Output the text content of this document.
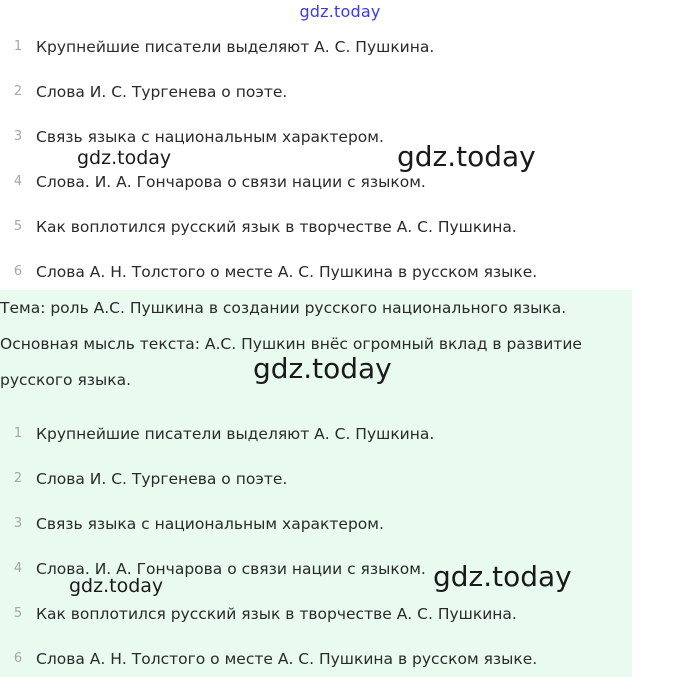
gdz.today
1 Крупнейшие писатели выделяют А. С. Пушкина.
2 Слова И. С. Тургенева о поэте.
3 Связь языка с национальным характером.
4 Слова. И. А. Гончарова о связи нации с языком.
5 Как воплотился русский язык в творчестве А. С. Пушкина.
6 Слова А. Н. Толстого о месте А. С. Пушкина в русском языке.
Тема: роль А.С. Пушкина в создании русского национального языка.
Основная мысль текста: А.С. Пушкин внёс огромный вклад в развитие
русского языка.
1 Крупнейшие писатели выделяют А. С. Пушкина.
2 Слова И. С. Тургенева о поэте.
3 Связь языка с национальным характером.
4 Слова. И. А. Гончарова о связи нации с языком.
5 Как воплотился русский язык в творчестве А. С. Пушкина.
6 Слова А. Н. Толстого о месте А. С. Пушкина в русском языке.
gdz.today	gdz.today
gdz.today
gdz.today	gdz.today
